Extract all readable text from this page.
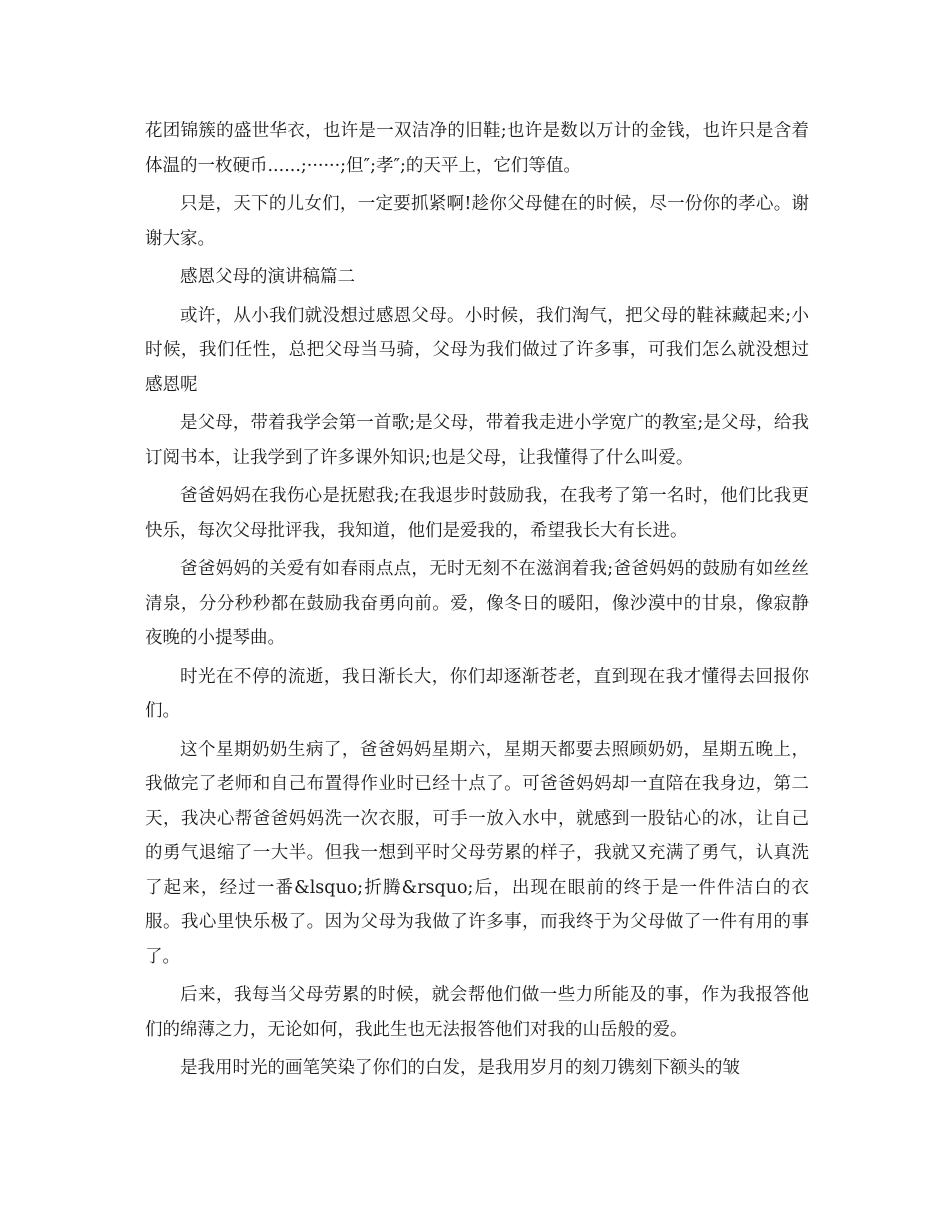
花团锦簇的盛世华衣，也许是一双洁净的旧鞋;也许是数以万计的金钱，也许只是含着体温的一枚硬币......;······;但″;孝″;的天平上，它们等值。

只是，天下的儿女们，一定要抓紧啊!趁你父母健在的时候，尽一份你的孝心。谢谢大家。

感恩父母的演讲稿篇二

或许，从小我们就没想过感恩父母。小时候，我们淘气，把父母的鞋袜藏起来;小时候，我们任性，总把父母当马骑，父母为我们做过了许多事，可我们怎么就没想过感恩呢

是父母，带着我学会第一首歌;是父母，带着我走进小学宽广的教室;是父母，给我订阅书本，让我学到了许多课外知识;也是父母，让我懂得了什么叫爱。

爸爸妈妈在我伤心是抚慰我;在我退步时鼓励我，在我考了第一名时，他们比我更快乐，每次父母批评我，我知道，他们是爱我的，希望我长大有长进。

爸爸妈妈的关爱有如春雨点点，无时无刻不在滋润着我;爸爸妈妈的鼓励有如丝丝清泉，分分秒秒都在鼓励我奋勇向前。爱，像冬日的暖阳，像沙漠中的甘泉，像寂静夜晚的小提琴曲。

时光在不停的流逝，我日渐长大，你们却逐渐苍老，直到现在我才懂得去回报你们。

这个星期奶奶生病了，爸爸妈妈星期六，星期天都要去照顾奶奶，星期五晚上，我做完了老师和自己布置得作业时已经十点了。可爸爸妈妈却一直陪在我身边，第二天，我决心帮爸爸妈妈洗一次衣服，可手一放入水中，就感到一股钻心的冰，让自己的勇气退缩了一大半。但我一想到平时父母劳累的样子，我就又充满了勇气，认真洗了起来，经过一番&lsquo;折腾&rsquo;后，出现在眼前的终于是一件件洁白的衣服。我心里快乐极了。因为父母为我做了许多事，而我终于为父母做了一件有用的事了。

后来，我每当父母劳累的时候，就会帮他们做一些力所能及的事，作为我报答他们的绵薄之力，无论如何，我此生也无法报答他们对我的山岳般的爱。

是我用时光的画笔笑染了你们的白发，是我用岁月的刻刀镌刻下额头的皱
